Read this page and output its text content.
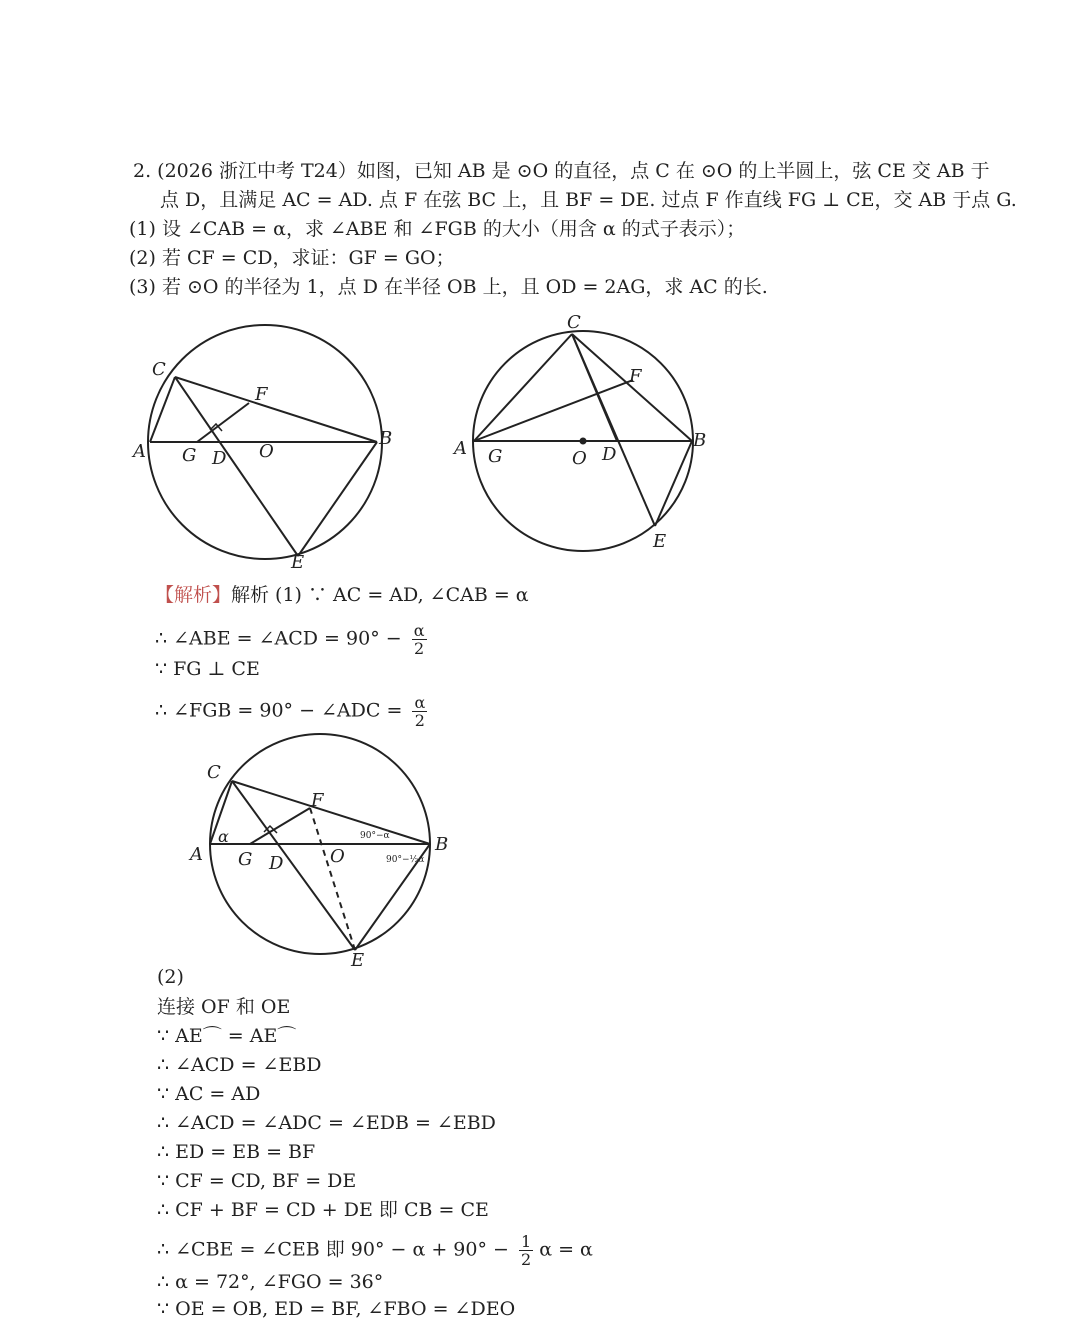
2. (2026 浙江中考 T24）如图，已知 AB 是 ⊙O 的直径，点 C 在 ⊙O 的上半圆上，弦 CE 交 AB 于
点 D，且满足 AC = AD. 点 F 在弦 BC 上，且 BF = DE. 过点 F 作直线 FG ⊥ CE，交 AB 于点 G.
(1) 设 ∠CAB = α，求 ∠ABE 和 ∠FGB 的大小（用含 α 的式子表示）；
(2) 若 CF = CD，求证：GF = GO；
(3) 若 ⊙O 的半径为 1，点 D 在半径 OB 上，且 OD = 2AG，求 AC 的长.
C
F
A G D O
B
E
C
F
A G	O D
B
E
C
F
A
α
G D	O
B
E
90°−α
90°−½α
【解析】解析 (1) ∵ AC = AD, ∠CAB = α
∴ ∠ABE = ∠ACD = $90^\circ - \frac{\alpha}{2}$
∵ FG ⊥ CE
∴ ∠FGB = 90° − ∠ADC = $\frac{\alpha}{2}$
(2)
连接 OF 和 OE
∵ AE⌒ = AE⌒
∴ ∠ACD = ∠EBD
∵ AC = AD
∴ ∠ACD = ∠ADC = ∠EDB = ∠EBD
∴ ED = EB = BF
∵ CF = CD, BF = DE
∴ CF + BF = CD + DE 即 CB = CE
∴ ∠CBE = ∠CEB 即 $90^\circ - \alpha + 90^\circ - \frac{1}{2}$ α = α
∴ α = 72°, ∠FGO = 36°
∵ OE = OB, ED = BF, ∠FBO = ∠DEO
